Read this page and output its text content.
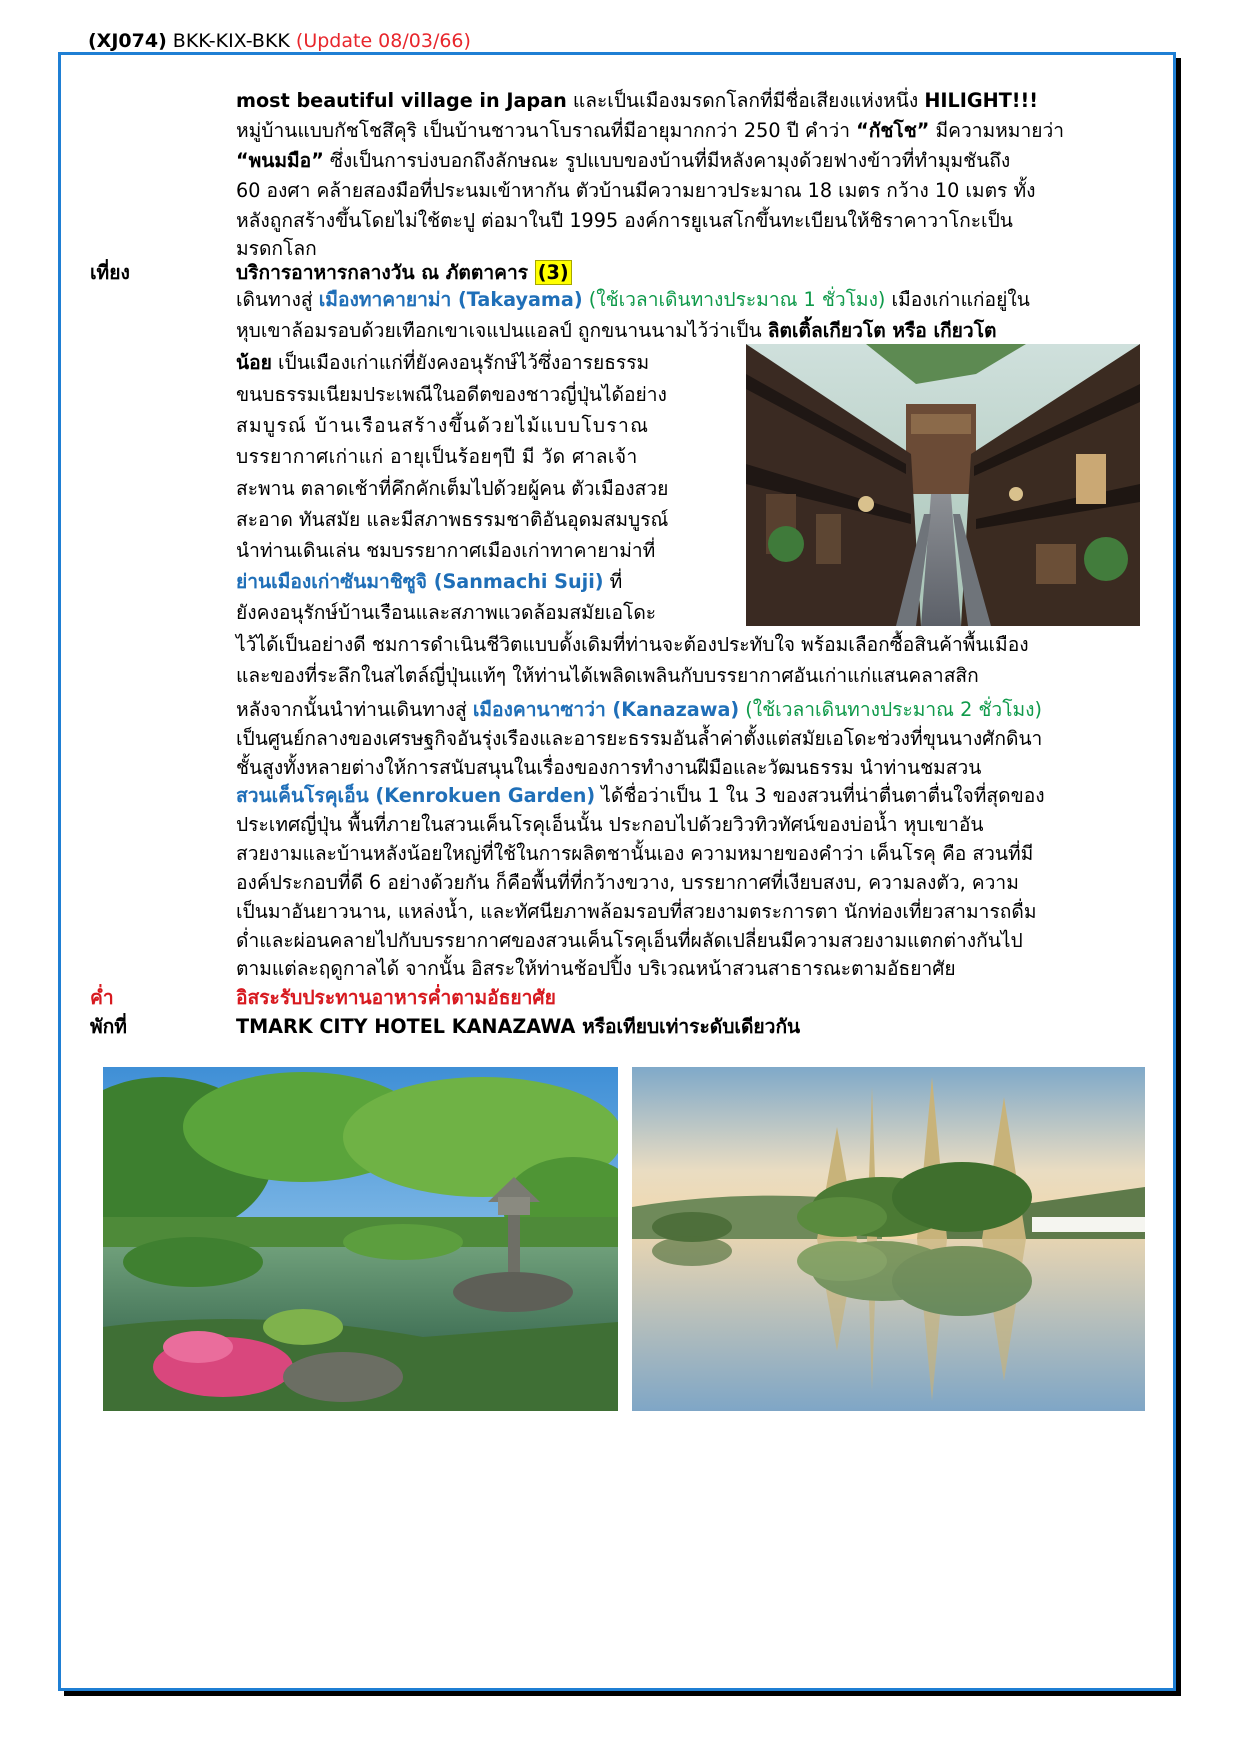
(XJ074) BKK-KIX-BKK (Update 08/03/66)
most beautiful village in Japan และเป็นเมืองมรดกโลกที่มีชื่อเสียงแห่งหนึ่ง HILIGHT!!!
หมู่บ้านแบบกัชโชสึคุริ เป็นบ้านชาวนาโบราณที่มีอายุมากกว่า 250 ปี คำว่า “กัชโช” มีความหมายว่า
“พนมมือ” ซึ่งเป็นการบ่งบอกถึงลักษณะ รูปแบบของบ้านที่มีหลังคามุงด้วยฟางข้าวที่ทำมุมชันถึง
60 องศา คล้ายสองมือที่ประนมเข้าหากัน ตัวบ้านมีความยาวประมาณ 18 เมตร กว้าง 10 เมตร ทั้ง
หลังถูกสร้างขึ้นโดยไม่ใช้ตะปู ต่อมาในปี 1995 องค์การยูเนสโกขึ้นทะเบียนให้ชิราคาวาโกะเป็น
มรดกโลก
เที่ยง	บริการอาหารกลางวัน ณ ภัตตาคาร (3)
เดินทางสู่ เมืองทาคายาม่า (Takayama) (ใช้เวลาเดินทางประมาณ 1 ชั่วโมง) เมืองเก่าแก่อยู่ใน
หุบเขาล้อมรอบด้วยเทือกเขาเจแปนแอลป์ ถูกขนานนามไว้ว่าเป็น ลิตเติ้ลเกียวโต หรือ เกียวโต
น้อย เป็นเมืองเก่าแก่ที่ยังคงอนุรักษ์ไว้ซึ่งอารยธรรม
ขนบธรรมเนียมประเพณีในอดีตของชาวญี่ปุ่นได้อย่าง
สมบูรณ์ บ้านเรือนสร้างขึ้นด้วยไม้แบบโบราณ
บรรยากาศเก่าแก่ อายุเป็นร้อยๆปี มี วัด ศาลเจ้า
สะพาน ตลาดเช้าที่คึกคักเต็มไปด้วยผู้คน ตัวเมืองสวย
สะอาด ทันสมัย และมีสภาพธรรมชาติอันอุดมสมบูรณ์
นำท่านเดินเล่น ชมบรรยากาศเมืองเก่าทาคายาม่าที่
ย่านเมืองเก่าซันมาชิซูจิ (Sanmachi Suji) ที่
ยังคงอนุรักษ์บ้านเรือนและสภาพแวดล้อมสมัยเอโดะ
ไว้ได้เป็นอย่างดี ชมการดำเนินชีวิตแบบดั้งเดิมที่ท่านจะต้องประทับใจ พร้อมเลือกซื้อสินค้าพื้นเมือง
และของที่ระลึกในสไตล์ญี่ปุ่นแท้ๆ ให้ท่านได้เพลิดเพลินกับบรรยากาศอันเก่าแก่แสนคลาสสิก
หลังจากนั้นนำท่านเดินทางสู่ เมืองคานาซาว่า (Kanazawa) (ใช้เวลาเดินทางประมาณ 2 ชั่วโมง)
เป็นศูนย์กลางของเศรษฐกิจอันรุ่งเรืองและอารยะธรรมอันล้ำค่าตั้งแต่สมัยเอโดะช่วงที่ขุนนางศักดินา
ชั้นสูงทั้งหลายต่างให้การสนับสนุนในเรื่องของการทำงานฝีมือและวัฒนธรรม นำท่านชมสวน
สวนเค็นโรคุเอ็น (Kenrokuen Garden) ได้ชื่อว่าเป็น 1 ใน 3 ของสวนที่น่าตื่นตาตื่นใจที่สุดของ
ประเทศญี่ปุ่น พื้นที่ภายในสวนเค็นโรคุเอ็นนั้น ประกอบไปด้วยวิวทิวทัศน์ของบ่อน้ำ หุบเขาอัน
สวยงามและบ้านหลังน้อยใหญ่ที่ใช้ในการผลิตชานั้นเอง ความหมายของคำว่า เค็นโรคุ คือ สวนที่มี
องค์ประกอบที่ดี 6 อย่างด้วยกัน ก็คือพื้นที่ที่กว้างขวาง, บรรยากาศที่เงียบสงบ, ความลงตัว, ความ
เป็นมาอันยาวนาน, แหล่งน้ำ, และทัศนียภาพล้อมรอบที่สวยงามตระการตา นักท่องเที่ยวสามารถดื่ม
ด่ำและผ่อนคลายไปกับบรรยากาศของสวนเค็นโรคุเอ็นที่ผลัดเปลี่ยนมีความสวยงามแตกต่างกันไป
ตามแต่ละฤดูกาลได้ จากนั้น อิสระให้ท่านช้อปปิ้ง บริเวณหน้าสวนสาธารณะตามอัธยาศัย
ค่ำ	อิสระรับประทานอาหารค่ำตามอัธยาศัย
พักที่	TMARK CITY HOTEL KANAZAWA หรือเทียบเท่าระดับเดียวกัน
